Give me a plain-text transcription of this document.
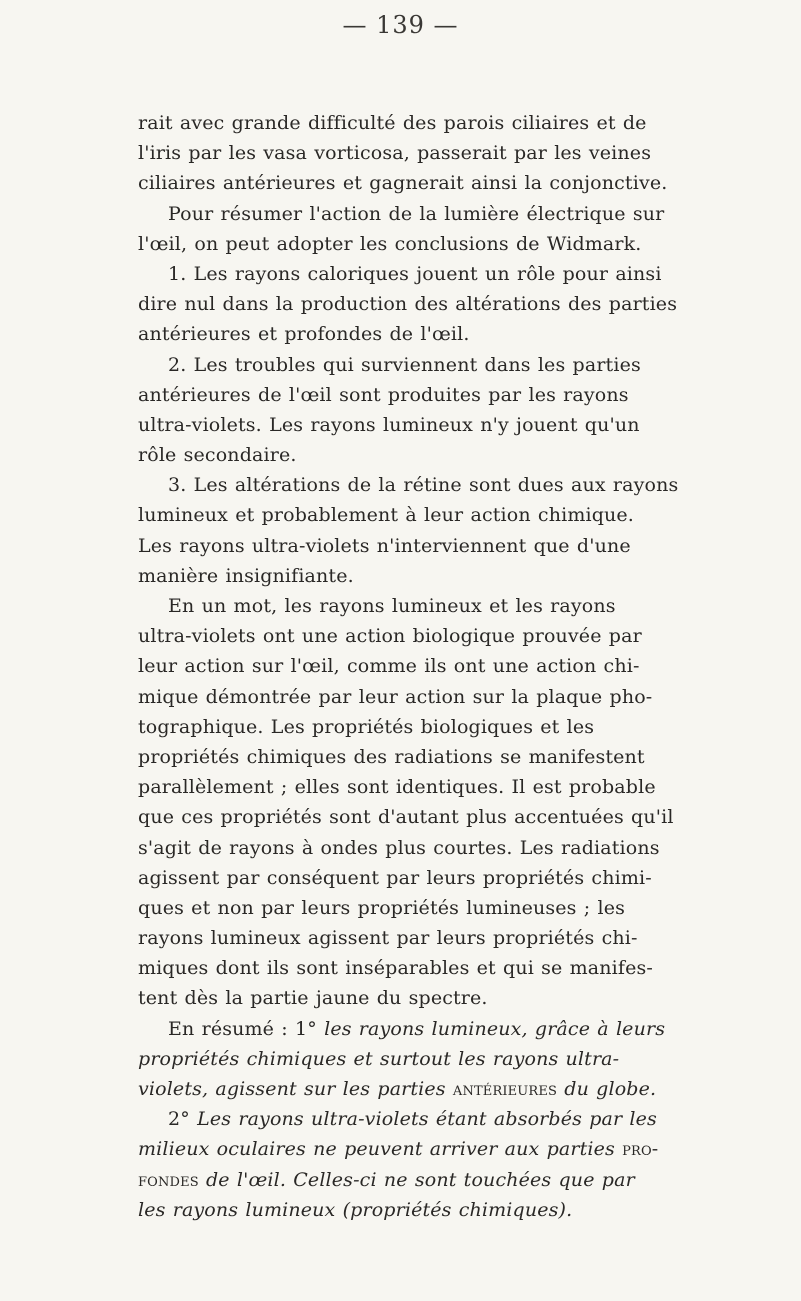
— 139 —
rait avec grande difficulté des parois ciliaires et de
l'iris par les vasa vorticosa, passerait par les veines
ciliaires antérieures et gagnerait ainsi la conjonctive.
Pour résumer l'action de la lumière électrique sur
l'œil, on peut adopter les conclusions de Widmark.
1. Les rayons caloriques jouent un rôle pour ainsi
dire nul dans la production des altérations des parties
antérieures et profondes de l'œil.
2. Les troubles qui surviennent dans les parties
antérieures de l'œil sont produites par les rayons
ultra-violets. Les rayons lumineux n'y jouent qu'un
rôle secondaire.
3. Les altérations de la rétine sont dues aux rayons
lumineux et probablement à leur action chimique.
Les rayons ultra-violets n'interviennent que d'une
manière insignifiante.
En un mot, les rayons lumineux et les rayons
ultra-violets ont une action biologique prouvée par
leur action sur l'œil, comme ils ont une action chi-
mique démontrée par leur action sur la plaque pho-
tographique. Les propriétés biologiques et les
propriétés chimiques des radiations se manifestent
parallèlement ; elles sont identiques. Il est probable
que ces propriétés sont d'autant plus accentuées qu'il
s'agit de rayons à ondes plus courtes. Les radiations
agissent par conséquent par leurs propriétés chimi-
ques et non par leurs propriétés lumineuses ; les
rayons lumineux agissent par leurs propriétés chi-
miques dont ils sont inséparables et qui se manifes-
tent dès la partie jaune du spectre.
En résumé : 1° les rayons lumineux, grâce à leurs
propriétés chimiques et surtout les rayons ultra-
violets, agissent sur les parties antérieures du globe.
2° Les rayons ultra-violets étant absorbés par les
milieux oculaires ne peuvent arriver aux parties pro-
fondes de l'œil. Celles-ci ne sont touchées que par
les rayons lumineux (propriétés chimiques).
